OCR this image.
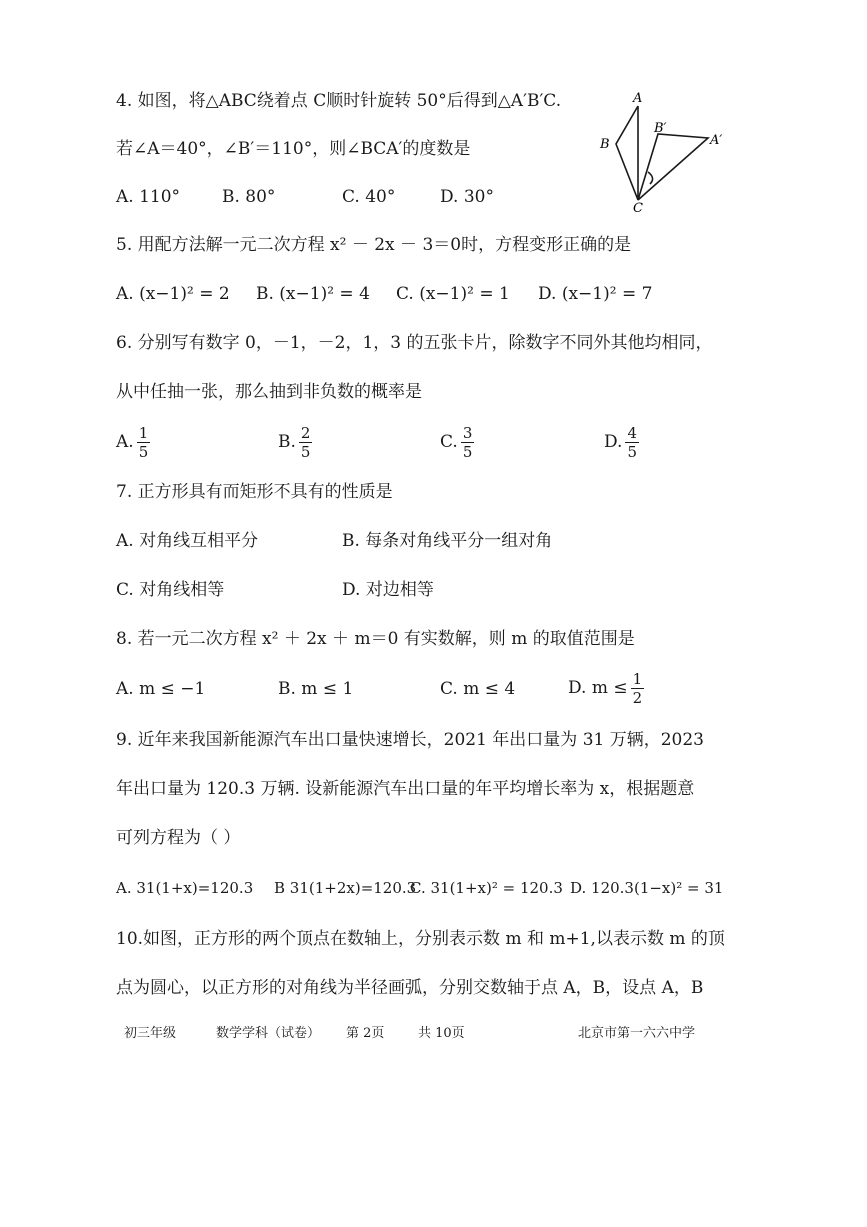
4. 如图，将△ABC绕着点 C顺时针旋转 50°后得到△A′B′C.
若∠A＝40°，∠B′＝110°，则∠BCA′的度数是
A. 110° B. 80°	C. 40°	D. 30°
A
B
B′
A′
C
5. 用配方法解一元二次方程 x² － 2x － 3＝0时，方程变形正确的是
A. (x−1)² = 2 B. (x−1)² = 4 C. (x−1)² = 1 D. (x−1)² = 7
6. 分别写有数字 0，－1，－2，1，3 的五张卡片，除数字不同外其他均相同，
从中任抽一张，那么抽到非负数的概率是
A. $\frac{1}{5}$	B. $\frac{2}{5}$	C. $\frac{3}{5}$	D. $\frac{4}{5}$
7. 正方形具有而矩形不具有的性质是
A. 对角线互相平分	B. 每条对角线平分一组对角
C. 对角线相等	D. 对边相等
8. 若一元二次方程 x² ＋ 2x ＋ m＝0 有实数解，则 m 的取值范围是
A. m ≤ −1	B. m ≤ 1	C. m ≤ 4	D. $m \le \frac{1}{2}$
9. 近年来我国新能源汽车出口量快速增长，2021 年出口量为 31 万辆，2023
年出口量为 120.3 万辆. 设新能源汽车出口量的年平均增长率为 x，根据题意
可列方程为（ ）
A. 31(1+x)=120.3 B 31(1+2x)=120.3
C. 31(1+x)² = 120.3 D. 120.3(1−x)² = 31
10.如图，正方形的两个顶点在数轴上，分别表示数 m 和 m+1,以表示数 m 的顶
点为圆心，以正方形的对角线为半径画弧，分别交数轴于点 A，B，设点 A，B
初三年级	数学学科（试卷） 第 2页	共 10页	北京市第一六六中学
